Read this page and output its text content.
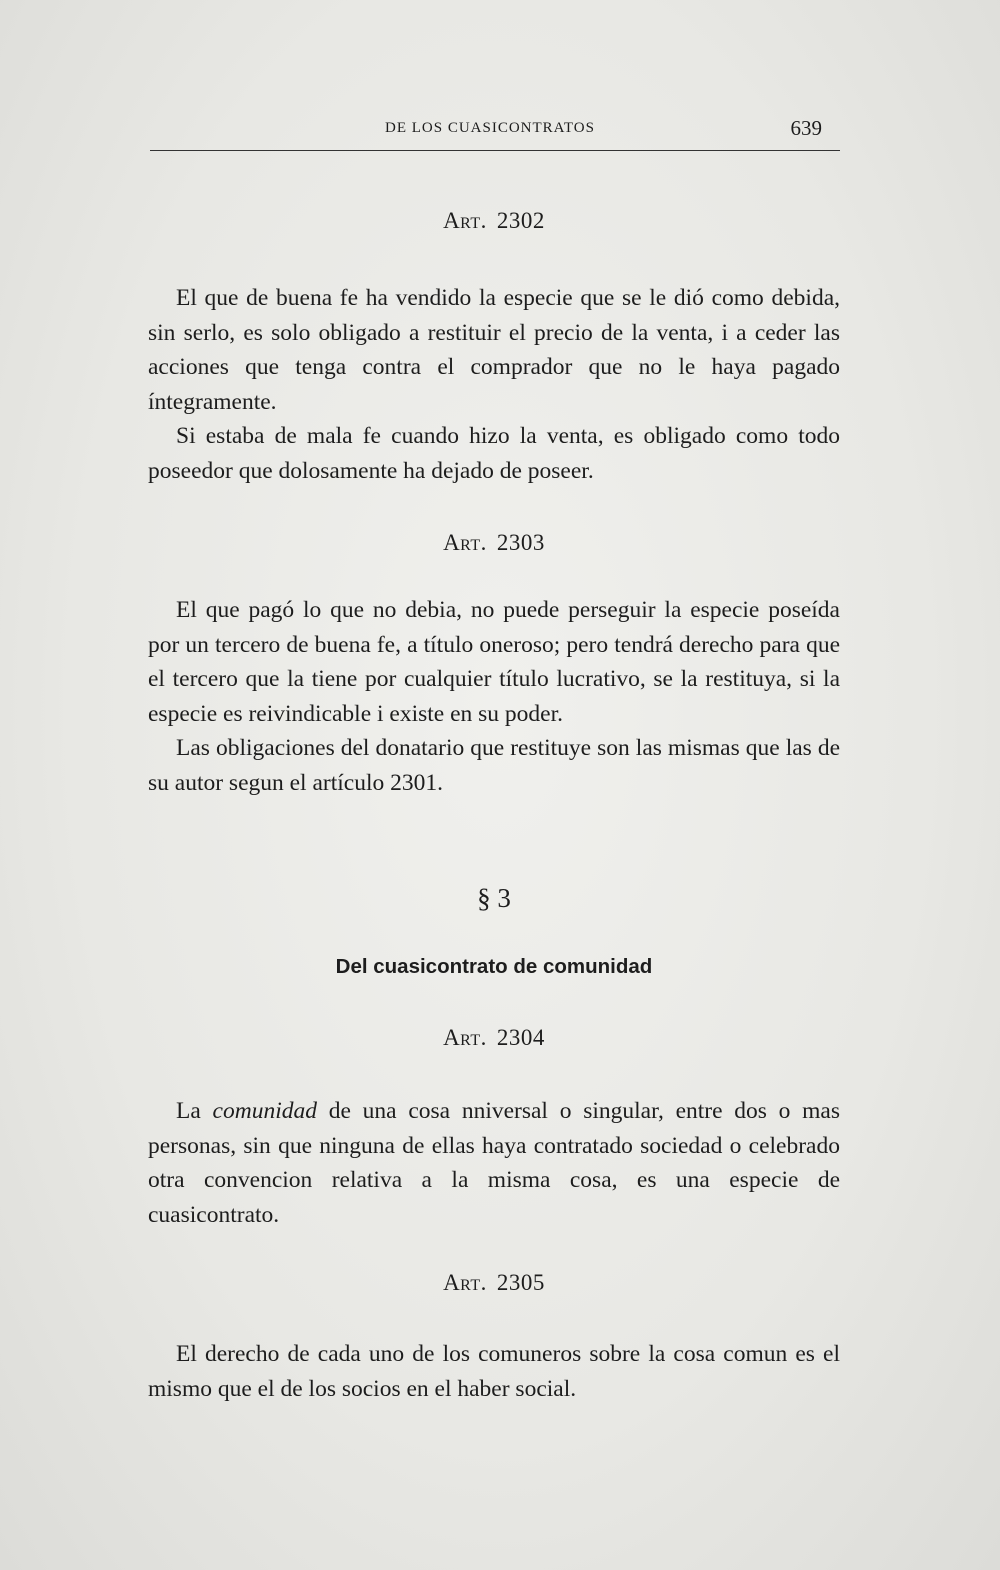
DE LOS CUASICONTRATOS	639
Art. 2302

El que de buena fe ha vendido la especie que se le dió como debida, sin serlo, es solo obligado a restituir el precio de la venta, i a ceder las acciones que tenga contra el comprador que no le haya pagado íntegramente.

Si estaba de mala fe cuando hizo la venta, es obligado como todo poseedor que dolosamente ha dejado de poseer.

Art. 2303

El que pagó lo que no debia, no puede perseguir la especie poseída por un tercero de buena fe, a título oneroso; pero tendrá derecho para que el tercero que la tiene por cualquier título lucrativo, se la restituya, si la especie es reivindicable i existe en su poder.

Las obligaciones del donatario que restituye son las mismas que las de su autor segun el artículo 2301.

§ 3
Del cuasicontrato de comunidad
Art. 2304

La comunidad de una cosa nniversal o singular, entre dos o mas personas, sin que ninguna de ellas haya contratado sociedad o celebrado otra convencion relativa a la misma cosa, es una especie de cuasicontrato.

Art. 2305

El derecho de cada uno de los comuneros sobre la cosa comun es el mismo que el de los socios en el haber social.
